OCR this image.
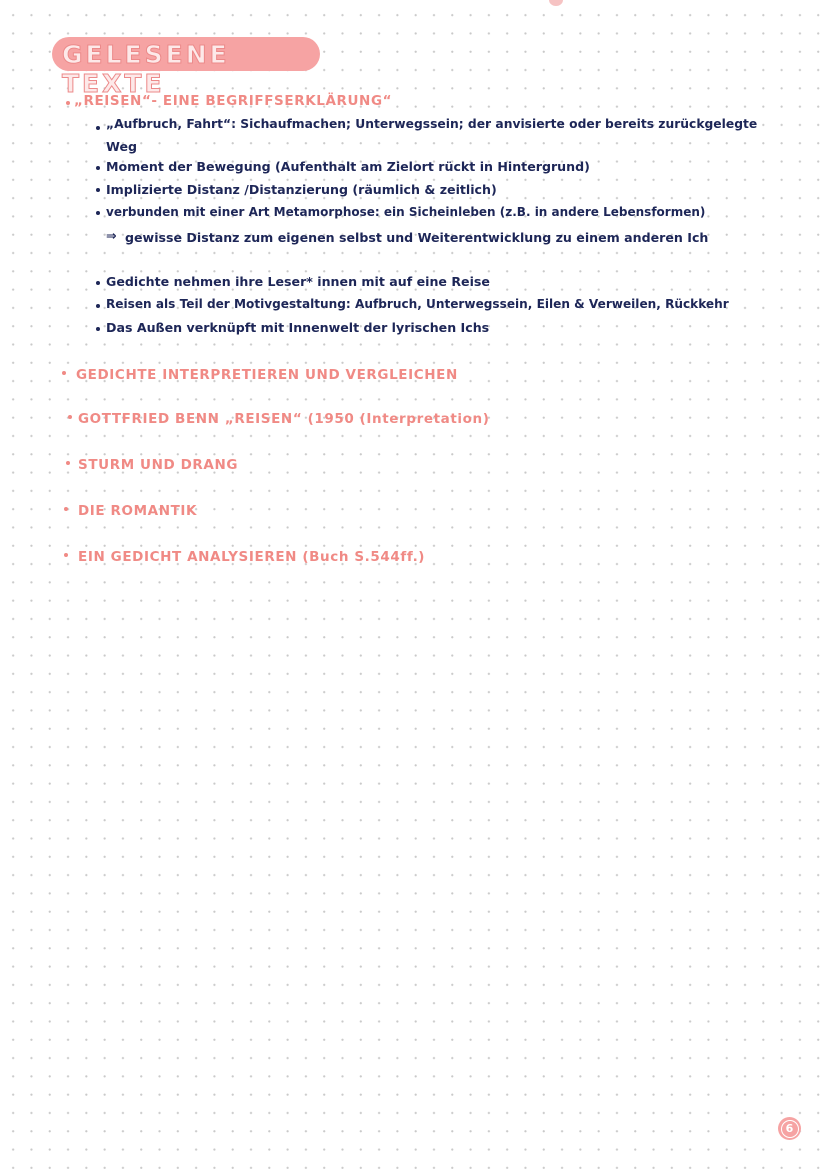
GELESENE TEXTE
„REISEN“- EINE BEGRIFFSERKLÄRUNG“
„Aufbruch, Fahrt“: Sichaufmachen; Unterwegssein; der anvisierte oder bereits zurückgelegte
Weg
Moment der Bewegung (Aufenthalt am Zielort rückt in Hintergrund)
Implizierte Distanz /Distanzierung (räumlich & zeitlich)
verbunden mit einer Art Metamorphose: ein Sicheinleben (z.B. in andere Lebensformen)
⇒ gewisse Distanz zum eigenen selbst und Weiterentwicklung zu einem anderen Ich
Gedichte nehmen ihre Leser* innen mit auf eine Reise
Reisen als Teil der Motivgestaltung: Aufbruch, Unterwegssein, Eilen & Verweilen, Rückkehr
Das Außen verknüpft mit Innenwelt der lyrischen Ichs
GEDICHTE INTERPRETIEREN UND VERGLEICHEN
GOTTFRIED BENN „REISEN“ (1950 (Interpretation)
STURM UND DRANG
DIE ROMANTIK
EIN GEDICHT ANALYSIEREN (Buch S.544ff.)
6
